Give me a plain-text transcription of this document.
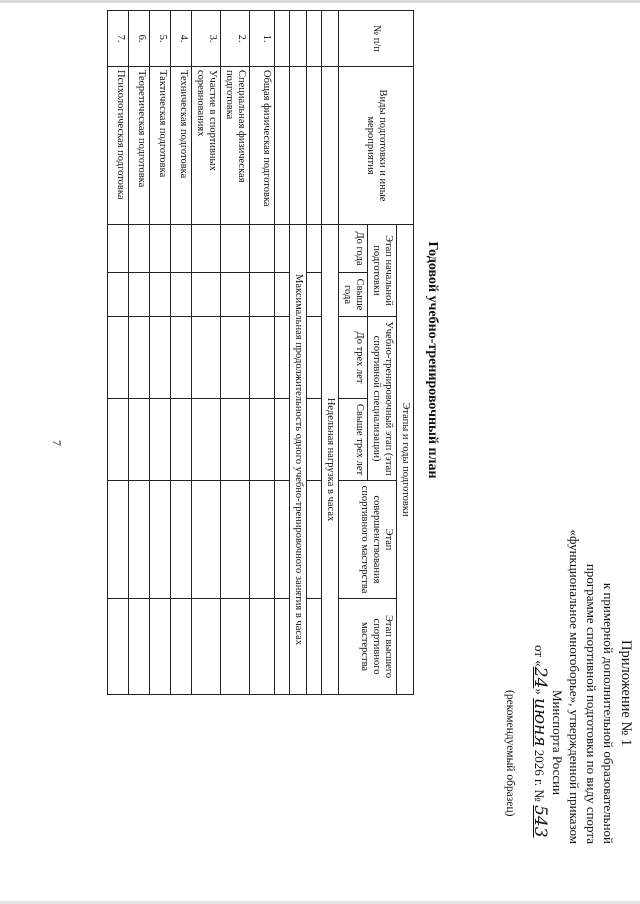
7
Приложение № 1
к примерной дополнительной образовательной
программе спортивной подготовки по виду спорта
«функциональное многоборье», утвержденной приказом
Минспорта России
от «24» июня 2026 г. № 543
(рекомендуемый образец)
Годовой учебно-тренировочный план
№ п/п	Виды подготовки и иные мероприятия	Этапы и годы подготовки						
		Этап начальной подготовки		Учебно-тренировочный этап (этап спортивной специализации)		Этап совершенствования спортивного мастерства	Этап высшего спортивного мастерства	
		До года	Свыше года	До трех лет	Свыше трех лет			
		Недельная нагрузка в часах						

		Максимальная продолжительность одного учебно-тренировочного занятия в часах						

1.	Общая физическая подготовка							
2.	Специальная физическая подготовка							
3.	Участие в спортивных соревнованиях							
4.	Техническая подготовка							
5.	Тактическая подготовка							
6.	Теоретическая подготовка							
7.	Психологическая подготовка							
